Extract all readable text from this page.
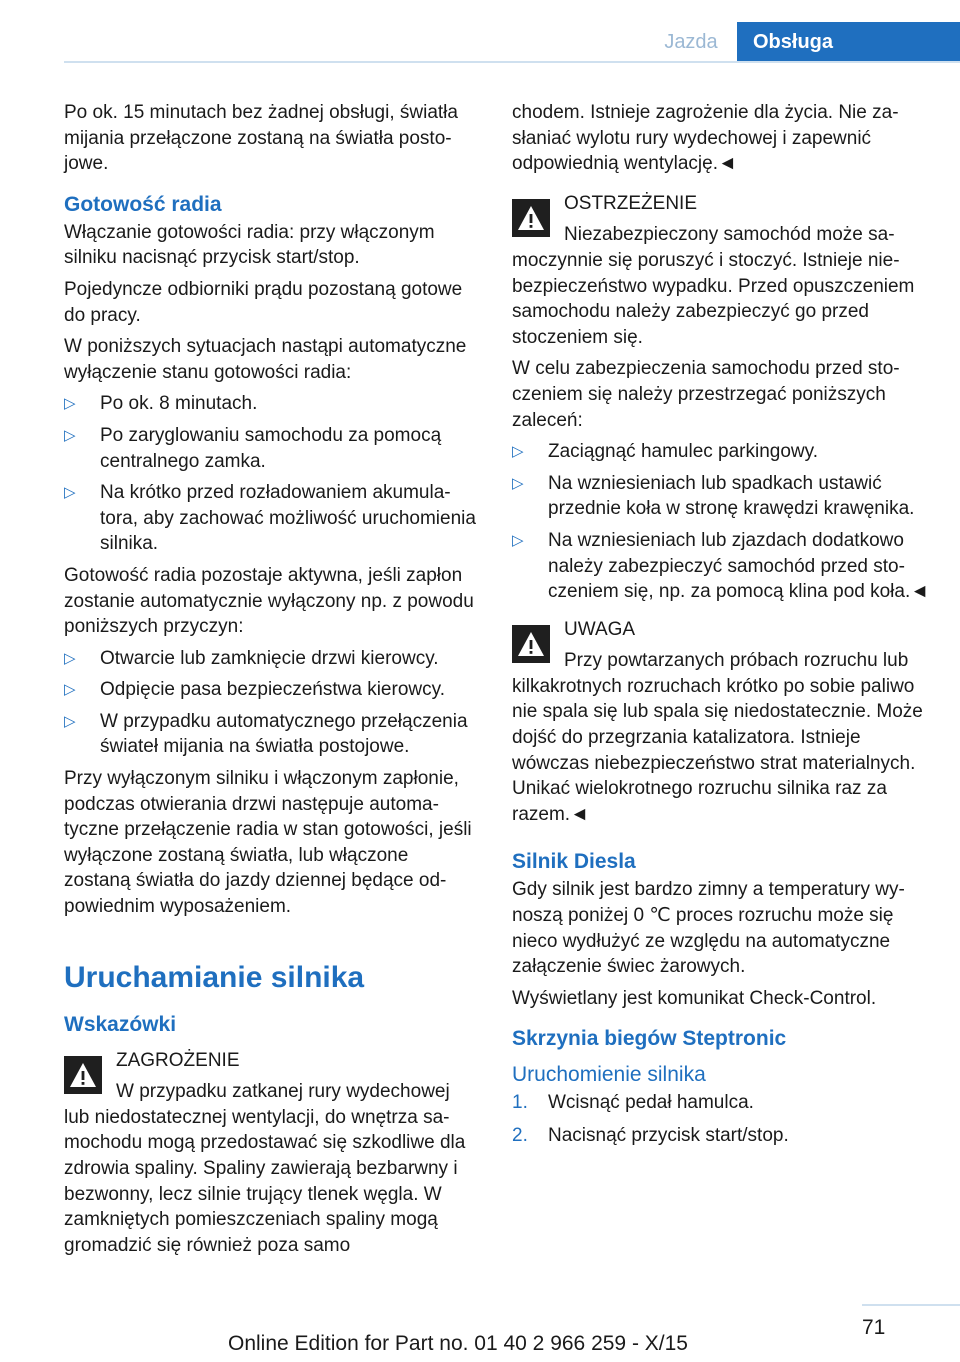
Jazda	Obsługa

Po ok. 15 minutach bez żadnej obsługi, światła mijania przełączone zostaną na światła postojowe.

Gotowość radia

Włączanie gotowości radia: przy włączonym silniku nacisnąć przycisk start/stop.

Pojedyncze odbiorniki prądu pozostaną gotowe do pracy.

W poniższych sytuacjach nastąpi automatyczne wyłączenie stanu gotowości radia:

▷ Po ok. 8 minutach.
▷ Po zaryglowaniu samochodu za pomocą centralnego zamka.
▷ Na krótko przed rozładowaniem akumulatora, aby zachować możliwość uruchomienia silnika.

Gotowość radia pozostaje aktywna, jeśli zapłon zostanie automatycznie wyłączony np. z powodu poniższych przyczyn:

▷ Otwarcie lub zamknięcie drzwi kierowcy.
▷ Odpięcie pasa bezpieczeństwa kierowcy.
▷ W przypadku automatycznego przełączenia świateł mijania na światła postojowe.

Przy wyłączonym silniku i włączonym zapłonie, podczas otwierania drzwi następuje automatyczne przełączenie radia w stan gotowości, jeśli wyłączone zostaną światła, lub włączone zostaną światła do jazdy dziennej będące odpowiednim wyposażeniem.

Uruchamianie silnika
Wskazówki
ZAGROŻENIE

W przypadku zatkanej rury wydechowej lub niedostatecznej wentylacji, do wnętrza samochodu mogą przedostawać się szkodliwe dla zdrowia spaliny. Spaliny zawierają bezbarwny i bezwonny, lecz silnie trujący tlenek węgla. W zamkniętych pomieszczeniach spaliny mogą gromadzić się również poza samo

chodem. Istnieje zagrożenie dla życia. Nie zasłaniać wylotu rury wydechowej i zapewnić odpowiednią wentylację.◄

OSTRZEŻENIE

Niezabezpieczony samochód może samoczynnie się poruszyć i stoczyć. Istnieje niebezpieczeństwo wypadku. Przed opuszczeniem samochodu należy zabezpieczyć go przed stoczeniem się.

W celu zabezpieczenia samochodu przed stoczeniem się należy przestrzegać poniższych zaleceń:

▷ Zaciągnąć hamulec parkingowy.
▷ Na wzniesieniach lub spadkach ustawić przednie koła w stronę krawędzi krawęnika.
▷ Na wzniesieniach lub zjazdach dodatkowo należy zabezpieczyć samochód przed stoczeniem się, np. za pomocą klina pod koła.◄
UWAGA

Przy powtarzanych próbach rozruchu lub kilkakrotnych rozruchach krótko po sobie paliwo nie spala się lub spala się niedostatecznie. Może dojść do przegrzania katalizatora. Istnieje wówczas niebezpieczeństwo strat materialnych. Unikać wielokrotnego rozruchu silnika raz za razem.◄

Silnik Diesla

Gdy silnik jest bardzo zimny a temperatury wynoszą poniżej 0 ℃ proces rozruchu może się nieco wydłużyć ze względu na automatyczne załączenie świec żarowych.

Wyświetlany jest komunikat Check-Control.

Skrzynia biegów Steptronic
Uruchomienie silnika
1. Wcisnąć pedał hamulca.
2. Nacisnąć przycisk start/stop.
71
Online Edition for Part no. 01 40 2 966 259 - X/15
